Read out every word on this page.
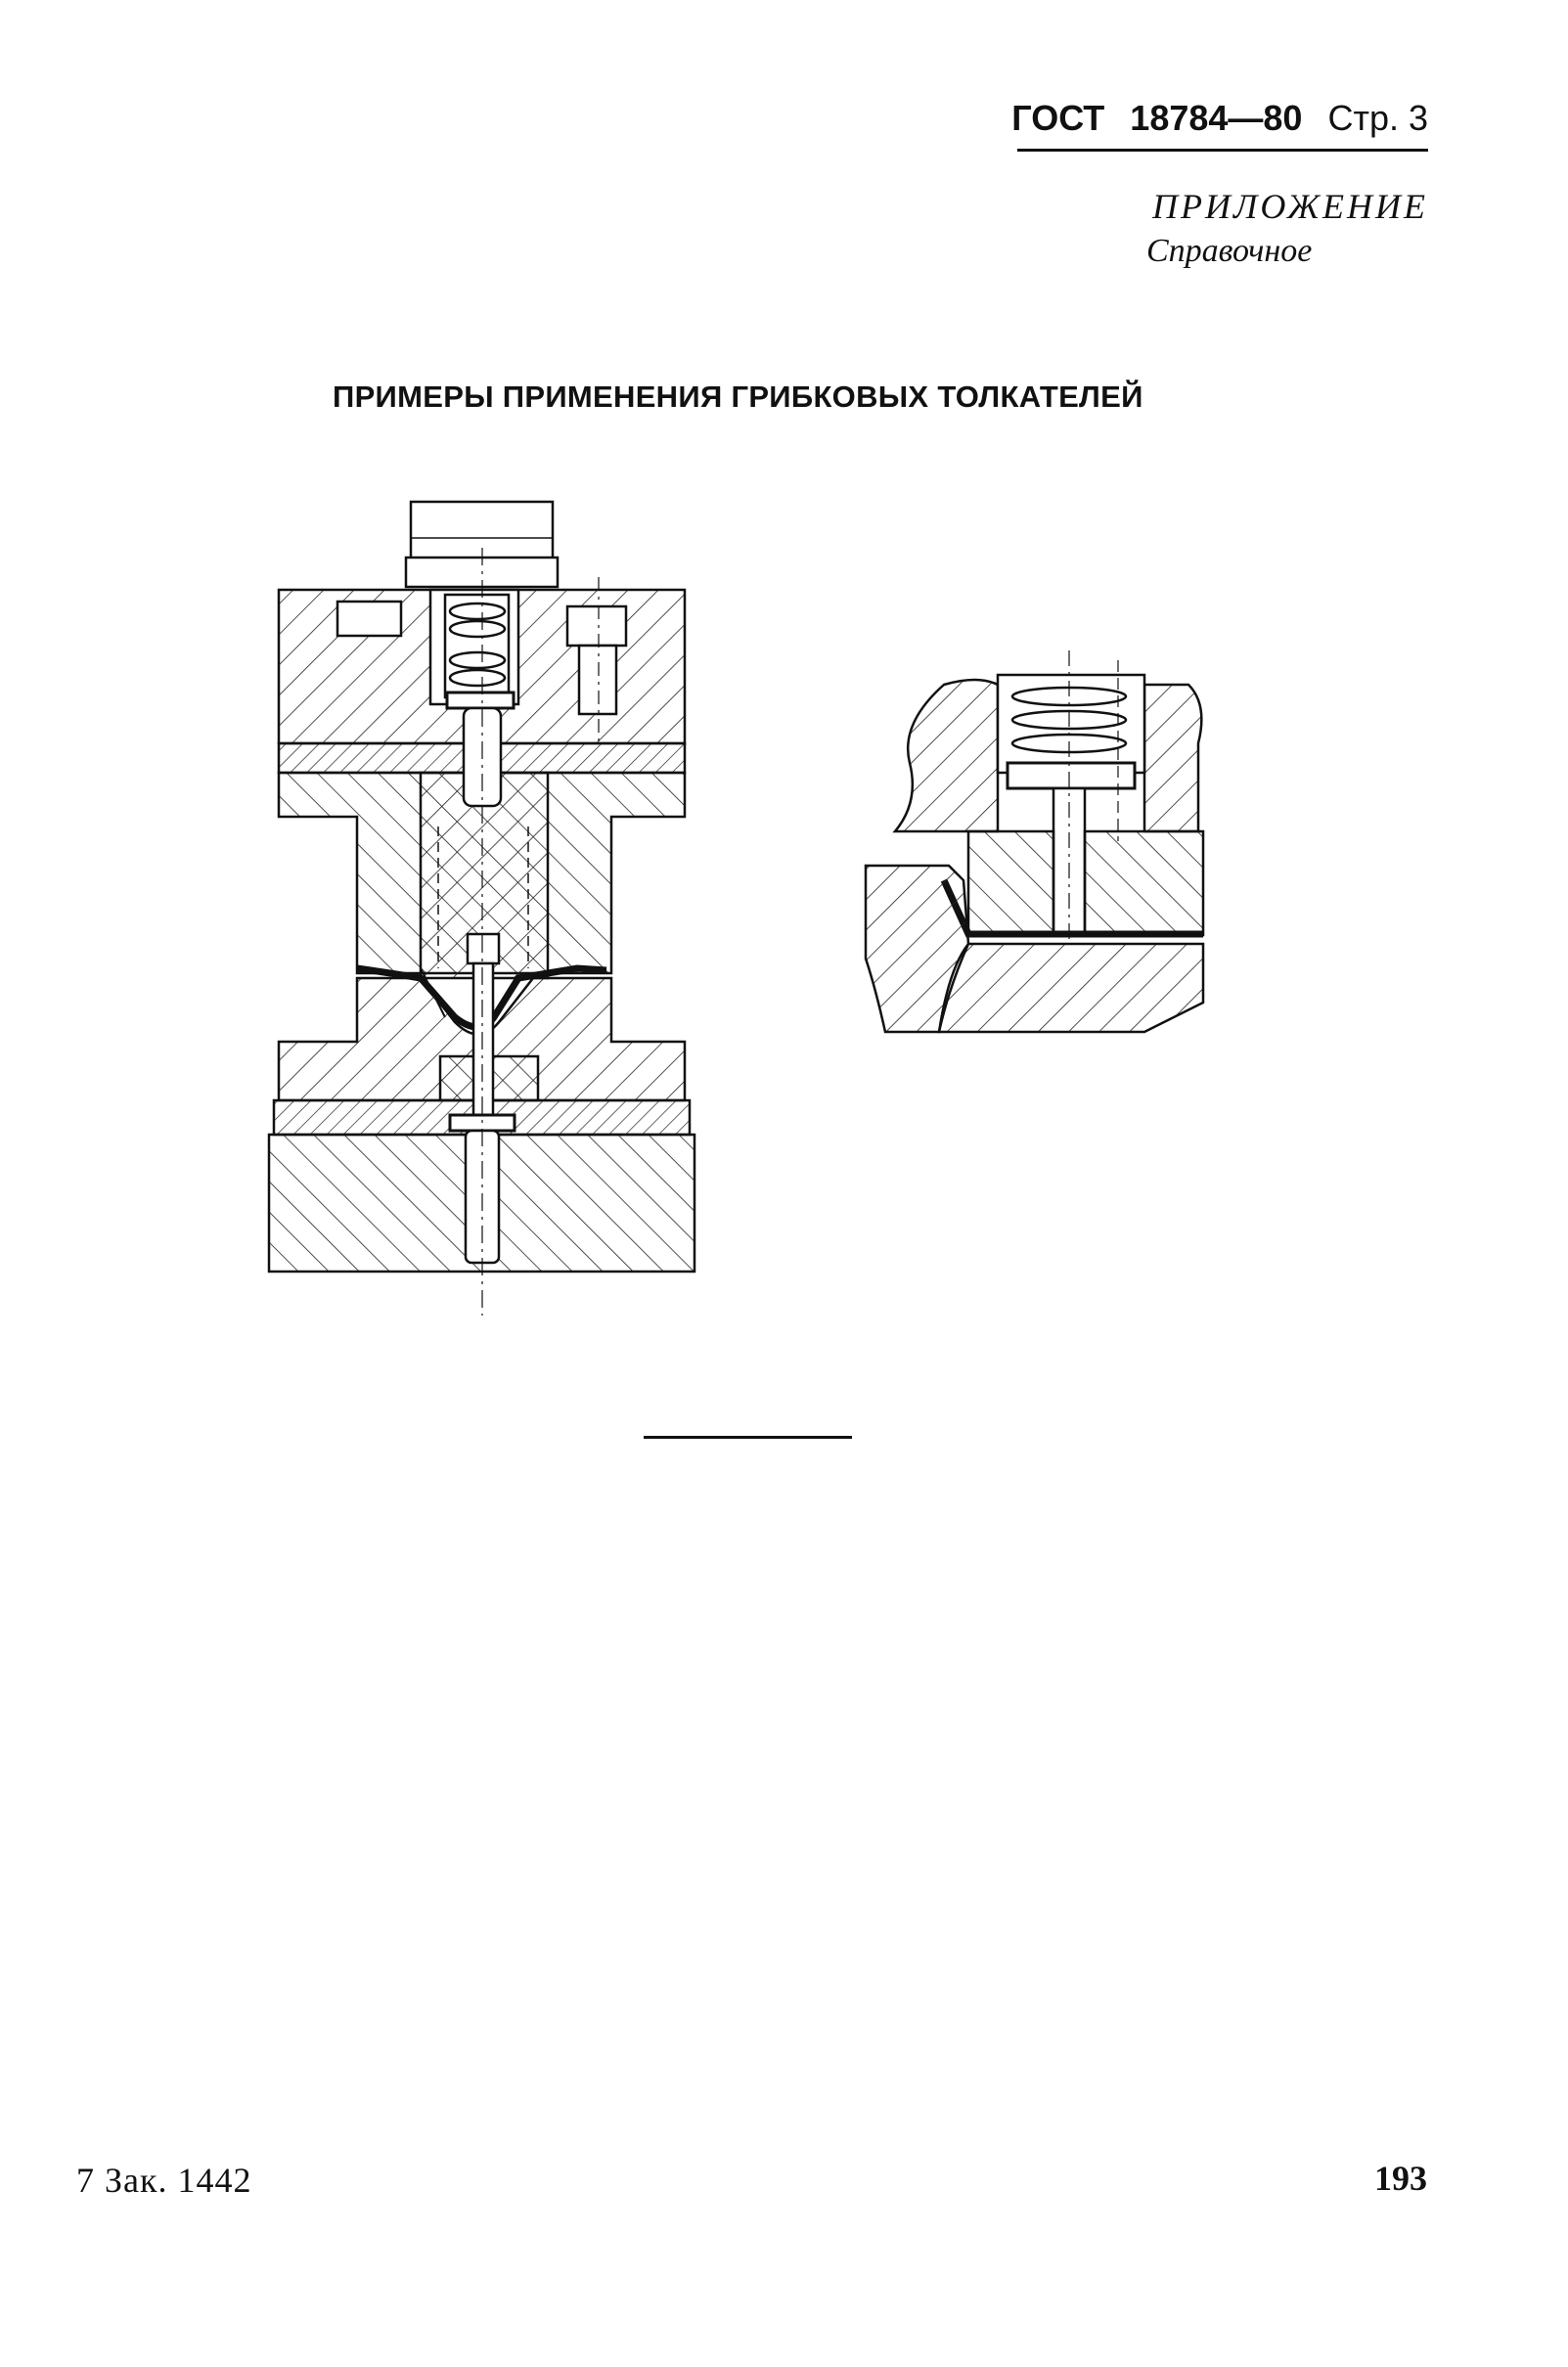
ГОСТ 18784—80 Стр. 3
ПРИЛОЖЕНИЕ
Справочное
ПРИМЕРЫ ПРИМЕНЕНИЯ ГРИБКОВЫХ ТОЛКАТЕЛЕЙ
7 Зак. 1442	193
